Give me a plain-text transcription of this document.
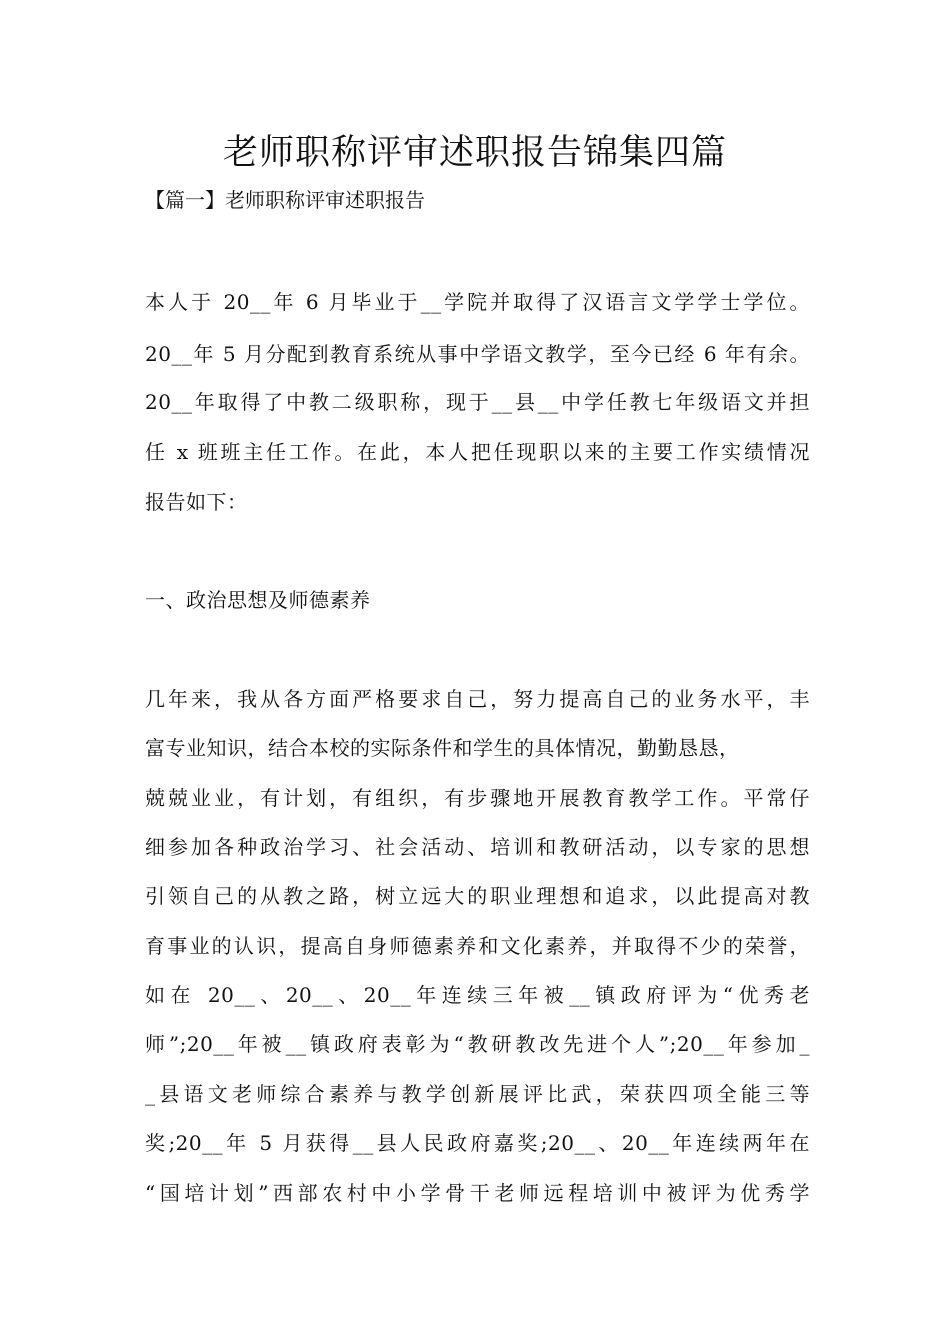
老师职称评审述职报告锦集四篇

【篇一】老师职称评审述职报告

本人于 20__年 6 月毕业于__学院并取得了汉语言文学学士学位。

20__年 5 月分配到教育系统从事中学语文教学，至今已经 6 年有余。

20__年取得了中教二级职称，现于__县__中学任教七年级语文并担

任 x 班班主任工作。在此，本人把任现职以来的主要工作实绩情况

报告如下：

一、政治思想及师德素养

几年来，我从各方面严格要求自己，努力提高自己的业务水平，丰

富专业知识，结合本校的实际条件和学生的具体情况，勤勤恳恳，

兢兢业业，有计划，有组织，有步骤地开展教育教学工作。平常仔

细参加各种政治学习、社会活动、培训和教研活动，以专家的思想

引领自己的从教之路，树立远大的职业理想和追求，以此提高对教

育事业的认识，提高自身师德素养和文化素养，并取得不少的荣誉，

如在 20__、20__、20__年连续三年被__镇政府评为“优秀老

师”;20__年被__镇政府表彰为“教研教改先进个人”;20__年参加_

_县语文老师综合素养与教学创新展评比武，荣获四项全能三等

奖;20__年 5 月获得__县人民政府嘉奖;20__、20__年连续两年在

“国培计划”西部农村中小学骨干老师远程培训中被评为优秀学
